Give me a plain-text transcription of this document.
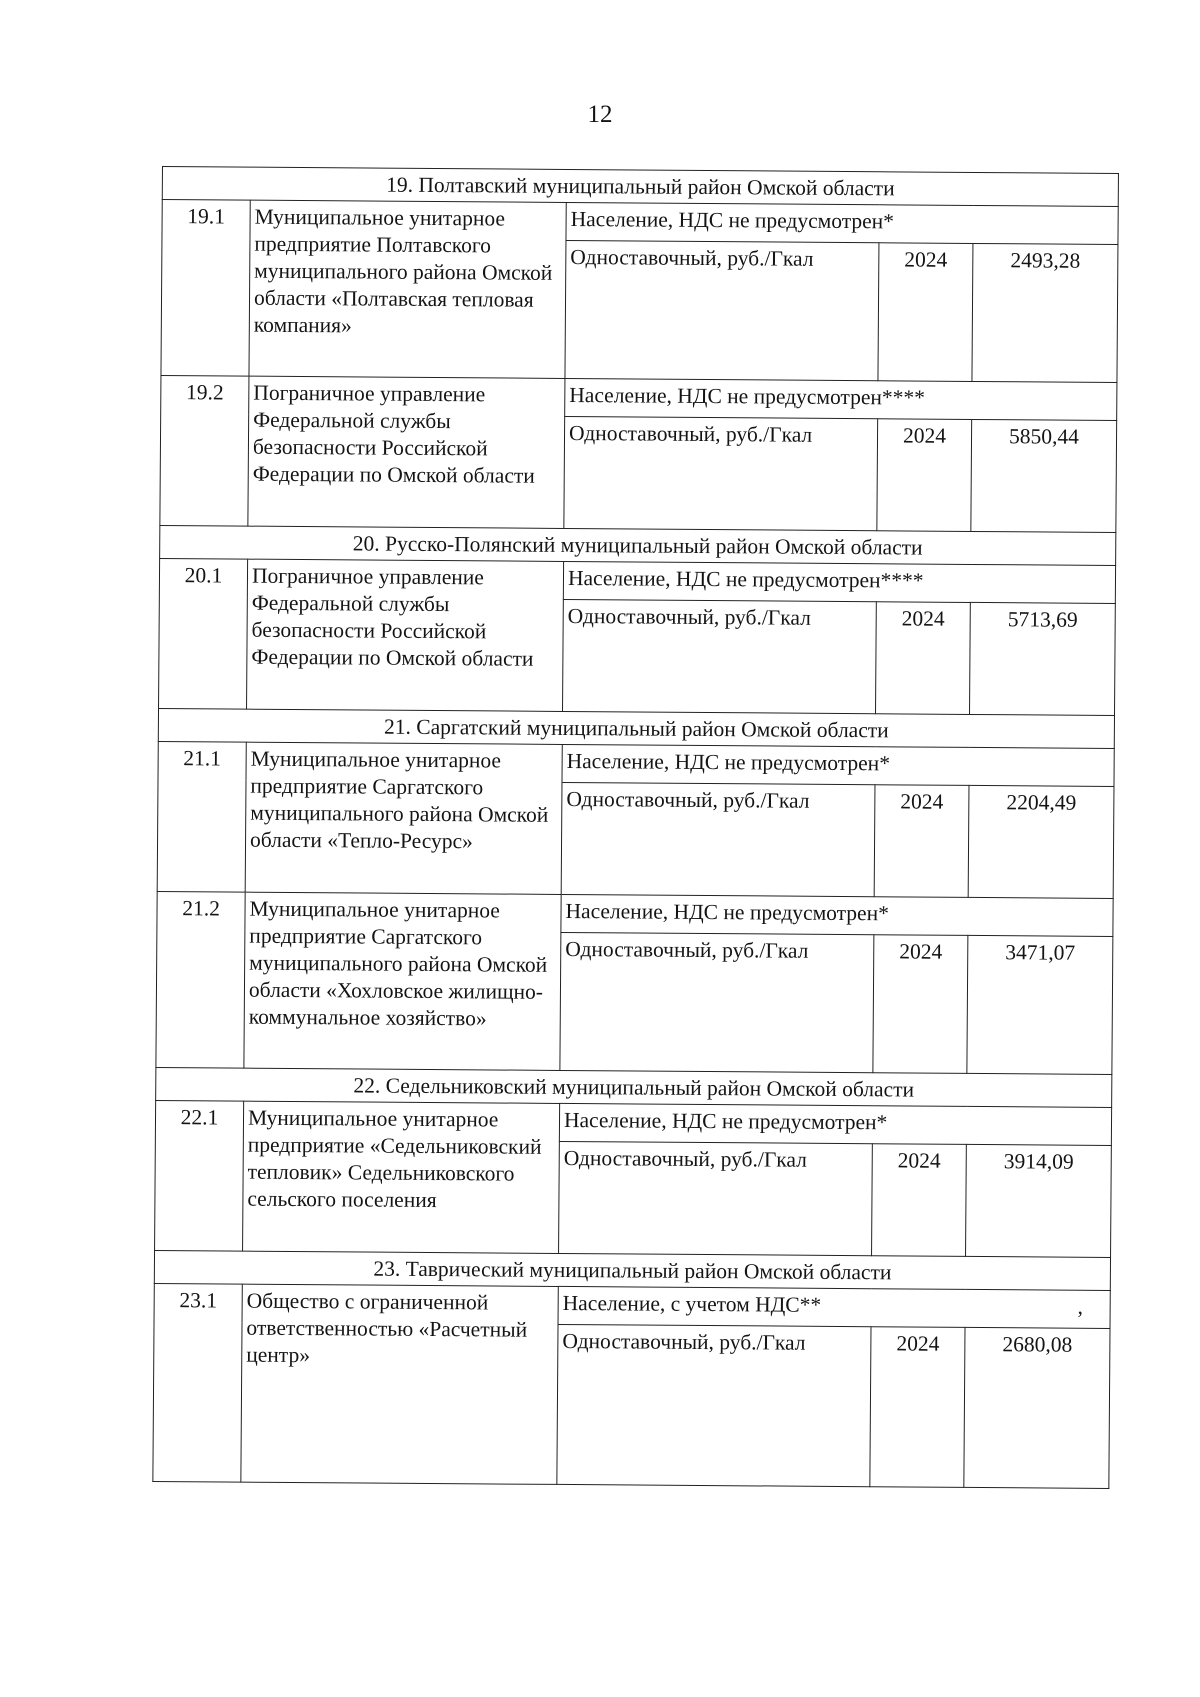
12
19. Полтавский муниципальный район Омской области				
19.1	Муниципальное унитарное предприятие Полтавского муниципального района Омской области «Полтавская тепловая компания»	Население, НДС не предусмотрен*		
		Одноставочный, руб./Гкал	2024	2493,28
19.2	Пограничное управление Федеральной службы безопасности Российской Федерации по Омской области	Население, НДС не предусмотрен****		
		Одноставочный, руб./Гкал	2024	5850,44
20. Русско-Полянский муниципальный район Омской области				
20.1	Пограничное управление Федеральной службы безопасности Российской Федерации по Омской области	Население, НДС не предусмотрен****		
		Одноставочный, руб./Гкал	2024	5713,69
21. Саргатский муниципальный район Омской области				
21.1	Муниципальное унитарное предприятие Саргатского муниципального района Омской области «Тепло-Ресурс»	Население, НДС не предусмотрен*		
		Одноставочный, руб./Гкал	2024	2204,49
21.2	Муниципальное унитарное предприятие Саргатского муниципального района Омской области «Хохловское жилищно-коммунальное хозяйство»	Население, НДС не предусмотрен*		
		Одноставочный, руб./Гкал	2024	3471,07
22. Седельниковский муниципальный район Омской области				
22.1	Муниципальное унитарное предприятие «Седельниковский тепловик» Седельниковского сельского поселения	Население, НДС не предусмотрен*		
		Одноставочный, руб./Гкал	2024	3914,09
23. Таврический муниципальный район Омской области				
23.1	Общество с ограниченной ответственностью «Расчетный центр»	Население, с учетом НДС** ‚		

		Одноставочный, руб./Гкал	2024	2680,08
